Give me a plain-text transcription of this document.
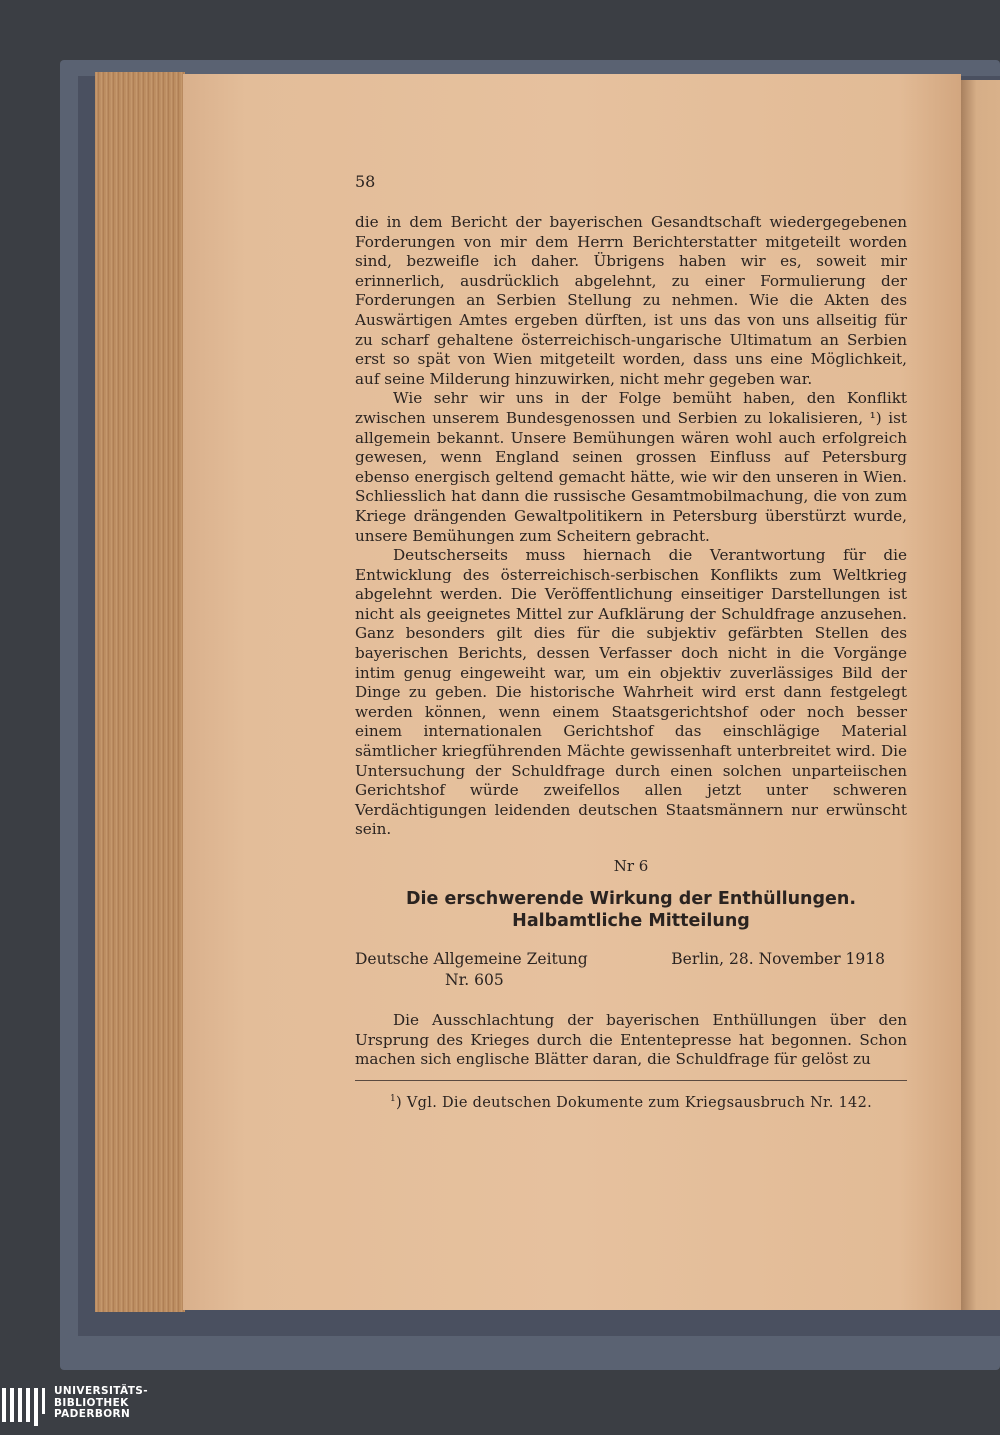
58

die in dem Bericht der bayerischen Gesandtschaft wiedergegebenen Forderungen von mir dem Herrn Berichterstatter mitgeteilt worden sind, bezweifle ich daher. Übrigens haben wir es, soweit mir erinnerlich, ausdrücklich abgelehnt, zu einer Formulierung der Forderungen an Serbien Stellung zu nehmen. Wie die Akten des Auswärtigen Amtes ergeben dürften, ist uns das von uns allseitig für zu scharf gehaltene österreichisch-ungarische Ultimatum an Serbien erst so spät von Wien mitgeteilt worden, dass uns eine Möglichkeit, auf seine Milderung hinzuwirken, nicht mehr gegeben war.

Wie sehr wir uns in der Folge bemüht haben, den Konflikt zwischen unserem Bundesgenossen und Serbien zu lokalisieren, ¹) ist allgemein bekannt. Unsere Bemühungen wären wohl auch erfolgreich gewesen, wenn England seinen grossen Einfluss auf Petersburg ebenso energisch geltend gemacht hätte, wie wir den unseren in Wien. Schliesslich hat dann die russische Gesamtmobilmachung, die von zum Kriege drängenden Gewaltpolitikern in Petersburg überstürzt wurde, unsere Bemühungen zum Scheitern gebracht.

Deutscherseits muss hiernach die Verantwortung für die Entwicklung des österreichisch-serbischen Konflikts zum Weltkrieg abgelehnt werden. Die Veröffentlichung einseitiger Darstellungen ist nicht als geeignetes Mittel zur Aufklärung der Schuldfrage anzusehen. Ganz besonders gilt dies für die subjektiv gefärbten Stellen des bayerischen Berichts, dessen Verfasser doch nicht in die Vorgänge intim genug eingeweiht war, um ein objektiv zuverlässiges Bild der Dinge zu geben. Die historische Wahrheit wird erst dann festgelegt werden können, wenn einem Staatsgerichtshof oder noch besser einem internationalen Gerichtshof das einschlägige Material sämtlicher kriegführenden Mächte gewissenhaft unterbreitet wird. Die Untersuchung der Schuldfrage durch einen solchen unparteiischen Gerichtshof würde zweifellos allen jetzt unter schweren Verdächtigungen leidenden deutschen Staatsmännern nur erwünscht sein.

Nr 6
Die erschwerende Wirkung der Enthüllungen.
Halbamtliche Mitteilung
Deutsche Allgemeine Zeitung
Nr. 605
Berlin, 28. November 1918

Die Ausschlachtung der bayerischen Enthüllungen über den Ursprung des Krieges durch die Ententepresse hat begonnen. Schon machen sich englische Blätter daran, die Schuldfrage für gelöst zu

$^1$) Vgl. Die deutschen Dokumente zum Kriegsausbruch Nr. 142.
UNIVERSITÄTS-
BIBLIOTHEK
PADERBORN
